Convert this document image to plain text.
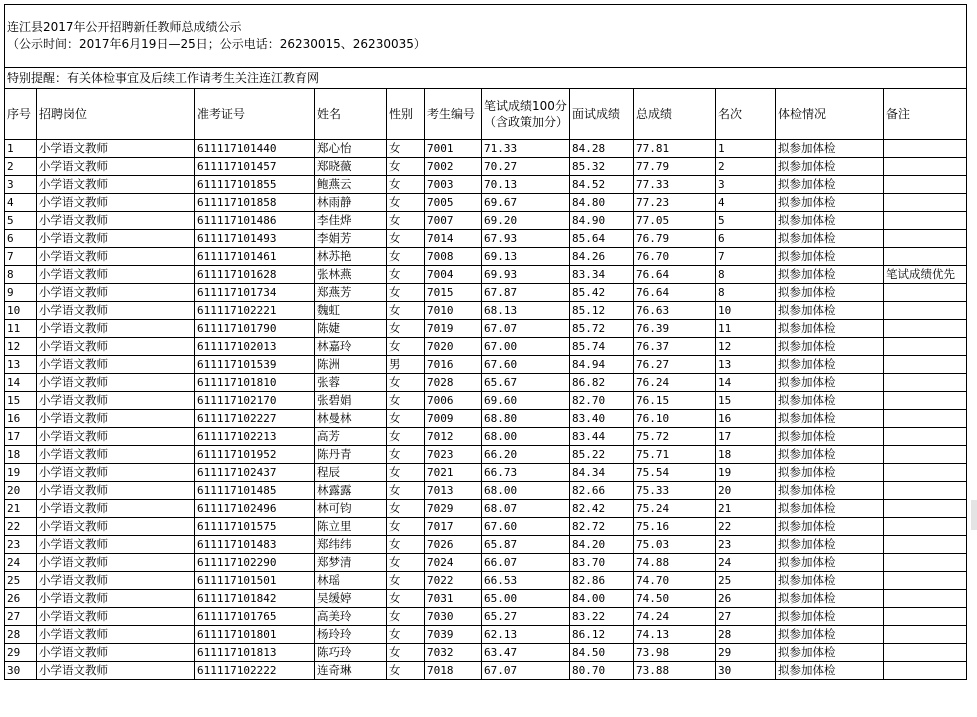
连江县2017年公开招聘新任教师总成绩公示
（公示时间：2017年6月19日—25日；公示电话：26230015、26230035）											

特别提醒：有关体检事宜及后续工作请考生关注连江教育网											
序号	招聘岗位	准考证号	姓名	性别	考生编号	笔试成绩100分
（含政策加分）	面试成绩	总成绩	名次	体检情况	备注
1	小学语文教师	611117101440	郑心怡	女	7001	71.33	84.28	77.81	1	拟参加体检	
2	小学语文教师	611117101457	郑晓薇	女	7002	70.27	85.32	77.79	2	拟参加体检	
3	小学语文教师	611117101855	鲍燕云	女	7003	70.13	84.52	77.33	3	拟参加体检	
4	小学语文教师	611117101858	林雨静	女	7005	69.67	84.80	77.23	4	拟参加体检	
5	小学语文教师	611117101486	李佳烨	女	7007	69.20	84.90	77.05	5	拟参加体检	
6	小学语文教师	611117101493	李娟芳	女	7014	67.93	85.64	76.79	6	拟参加体检	
7	小学语文教师	611117101461	林苏艳	女	7008	69.13	84.26	76.70	7	拟参加体检	
8	小学语文教师	611117101628	张林燕	女	7004	69.93	83.34	76.64	8	拟参加体检	笔试成绩优先
9	小学语文教师	611117101734	郑燕芳	女	7015	67.87	85.42	76.64	8	拟参加体检	
10	小学语文教师	611117102221	魏虹	女	7010	68.13	85.12	76.63	10	拟参加体检	
11	小学语文教师	611117101790	陈婕	女	7019	67.07	85.72	76.39	11	拟参加体检	
12	小学语文教师	611117102013	林嘉玲	女	7020	67.00	85.74	76.37	12	拟参加体检	
13	小学语文教师	611117101539	陈洲	男	7016	67.60	84.94	76.27	13	拟参加体检	
14	小学语文教师	611117101810	张蓉	女	7028	65.67	86.82	76.24	14	拟参加体检	
15	小学语文教师	611117102170	张碧娟	女	7006	69.60	82.70	76.15	15	拟参加体检	
16	小学语文教师	611117102227	林曼林	女	7009	68.80	83.40	76.10	16	拟参加体检	
17	小学语文教师	611117102213	高芳	女	7012	68.00	83.44	75.72	17	拟参加体检	
18	小学语文教师	611117101952	陈丹青	女	7023	66.20	85.22	75.71	18	拟参加体检	
19	小学语文教师	611117102437	程辰	女	7021	66.73	84.34	75.54	19	拟参加体检	
20	小学语文教师	611117101485	林露露	女	7013	68.00	82.66	75.33	20	拟参加体检	
21	小学语文教师	611117102496	林可钧	女	7029	68.07	82.42	75.24	21	拟参加体检	
22	小学语文教师	611117101575	陈立里	女	7017	67.60	82.72	75.16	22	拟参加体检	
23	小学语文教师	611117101483	郑纬纬	女	7026	65.87	84.20	75.03	23	拟参加体检	
24	小学语文教师	611117102290	郑梦清	女	7024	66.07	83.70	74.88	24	拟参加体检	
25	小学语文教师	611117101501	林瑶	女	7022	66.53	82.86	74.70	25	拟参加体检	
26	小学语文教师	611117101842	吴缓婷	女	7031	65.00	84.00	74.50	26	拟参加体检	
27	小学语文教师	611117101765	高美玲	女	7030	65.27	83.22	74.24	27	拟参加体检	
28	小学语文教师	611117101801	杨玲玲	女	7039	62.13	86.12	74.13	28	拟参加体检	
29	小学语文教师	611117101813	陈巧玲	女	7032	63.47	84.50	73.98	29	拟参加体检	
30	小学语文教师	611117102222	连奇琳	女	7018	67.07	80.70	73.88	30	拟参加体检	
